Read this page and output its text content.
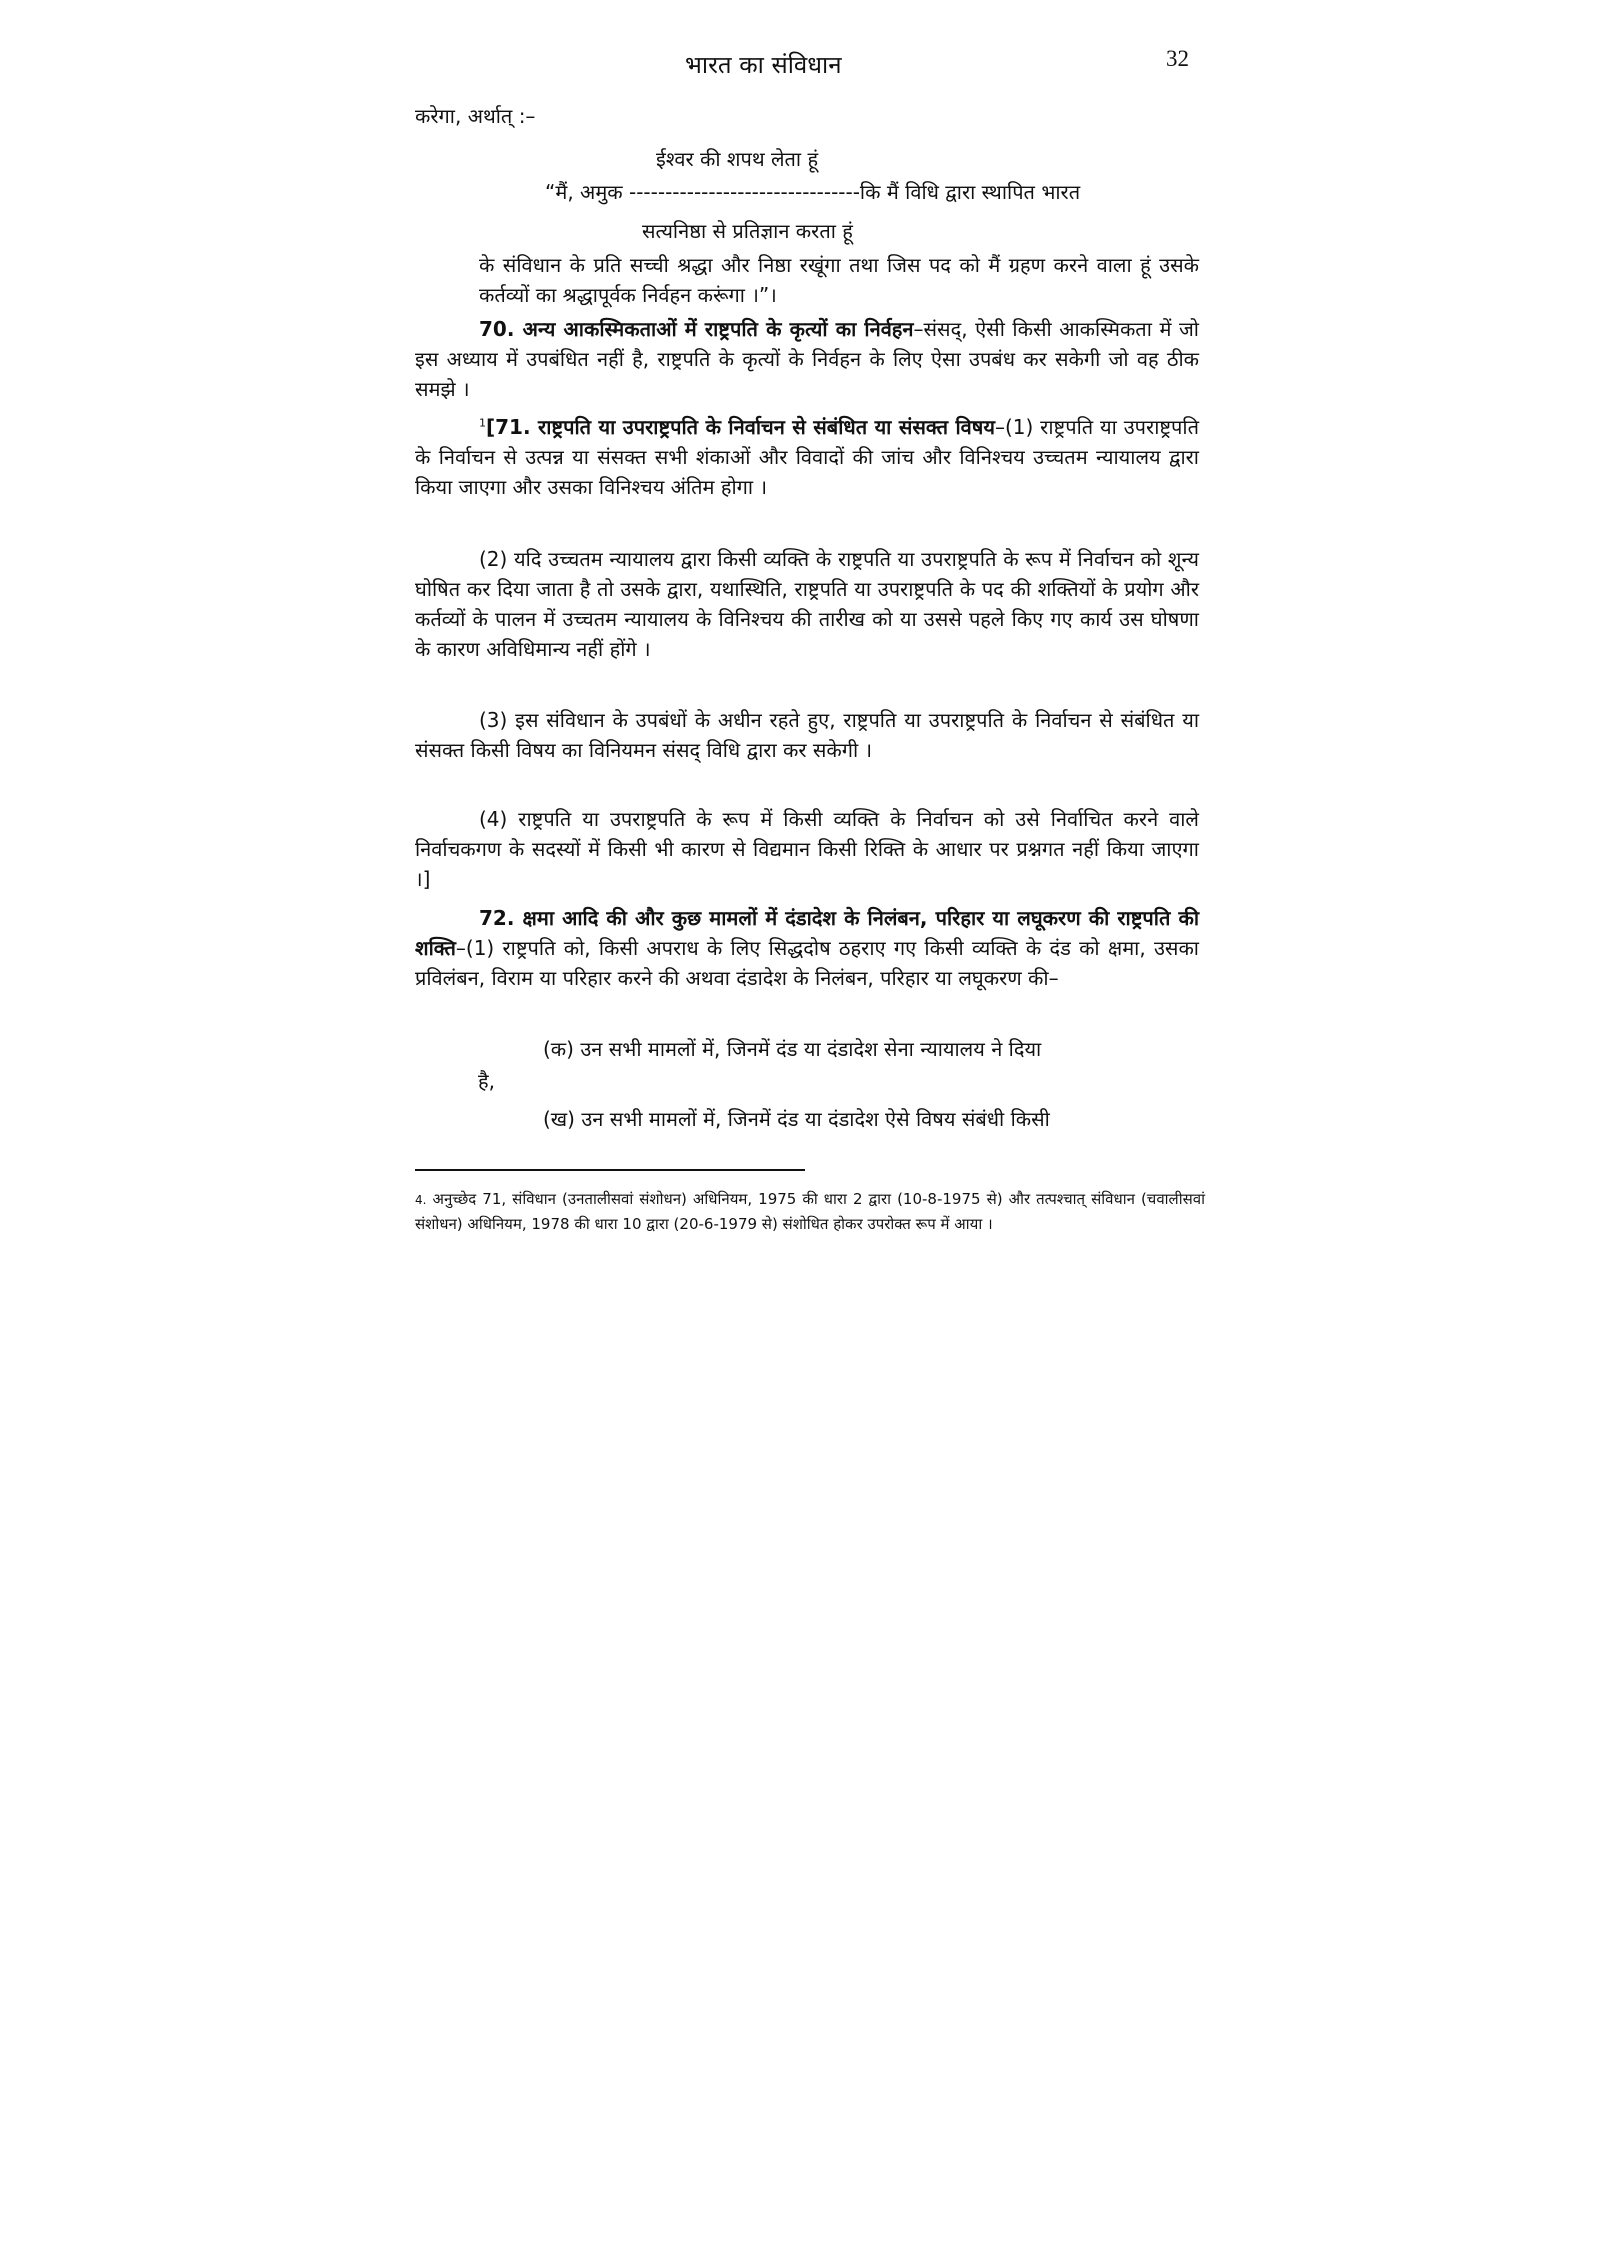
भारत का संविधान	32
करेगा, अर्थात् :–
ईश्वर की शपथ लेता हूं
“मैं, अमुक --------------------------------कि मैं विधि द्वारा स्थापित भारत
सत्यनिष्ठा से प्रतिज्ञान करता हूं
के संविधान के प्रति सच्ची श्रद्धा और निष्ठा रखूंगा तथा जिस पद को मैं ग्रहण करने वाला हूं उसके कर्तव्यों का श्रद्धापूर्वक निर्वहन करूंगा ।”।
70. अन्य आकस्मिकताओं में राष्ट्रपति के कृत्यों का निर्वहन–संसद्, ऐसी किसी आकस्मिकता में जो इस अध्याय में उपबंधित नहीं है, राष्ट्रपति के कृत्यों के निर्वहन के लिए ऐसा उपबंध कर सकेगी जो वह ठीक समझे ।
$^1$[71. राष्ट्रपति या उपराष्ट्रपति के निर्वाचन से संबंधित या संसक्त विषय–(1) राष्ट्रपति या उपराष्ट्रपति के निर्वाचन से उत्पन्न या संसक्त सभी शंकाओं और विवादों की जांच और विनिश्चय उच्चतम न्यायालय द्वारा किया जाएगा और उसका विनिश्चय अंतिम होगा ।
(2) यदि उच्चतम न्यायालय द्वारा किसी व्यक्ति के राष्ट्रपति या उपराष्ट्रपति के रूप में निर्वाचन को शून्य घोषित कर दिया जाता है तो उसके द्वारा, यथास्थिति, राष्ट्रपति या उपराष्ट्रपति के पद की शक्तियों के प्रयोग और कर्तव्यों के पालन में उच्चतम न्यायालय के विनिश्चय की तारीख को या उससे पहले किए गए कार्य उस घोषणा के कारण अविधिमान्य नहीं होंगे ।
(3) इस संविधान के उपबंधों के अधीन रहते हुए, राष्ट्रपति या उपराष्ट्रपति के निर्वाचन से संबंधित या संसक्त किसी विषय का विनियमन संसद् विधि द्वारा कर सकेगी ।
(4) राष्ट्रपति या उपराष्ट्रपति के रूप में किसी व्यक्ति के निर्वाचन को उसे निर्वाचित करने वाले निर्वाचकगण के सदस्यों में किसी भी कारण से विद्यमान किसी रिक्ति के आधार पर प्रश्नगत नहीं किया जाएगा ।]
72. क्षमा आदि की और कुछ मामलों में दंडादेश के निलंबन, परिहार या लघूकरण की राष्ट्रपति की शक्ति–(1) राष्ट्रपति को, किसी अपराध के लिए सिद्धदोष ठहराए गए किसी व्यक्ति के दंड को क्षमा, उसका प्रविलंबन, विराम या परिहार करने की अथवा दंडादेश के निलंबन, परिहार या लघूकरण की–
(क) उन सभी मामलों में, जिनमें दंड या दंडादेश सेना न्यायालय ने दिया
है,
(ख) उन सभी मामलों में, जिनमें दंड या दंडादेश ऐसे विषय संबंधी किसी
4. अनुच्छेद 71, संविधान (उनतालीसवां संशोधन) अधिनियम, 1975 की धारा 2 द्वारा (10-8-1975 से) और तत्पश्चात् संविधान (चवालीसवां संशोधन) अधिनियम, 1978 की धारा 10 द्वारा (20-6-1979 से) संशोधित होकर उपरोक्त रूप में आया ।
